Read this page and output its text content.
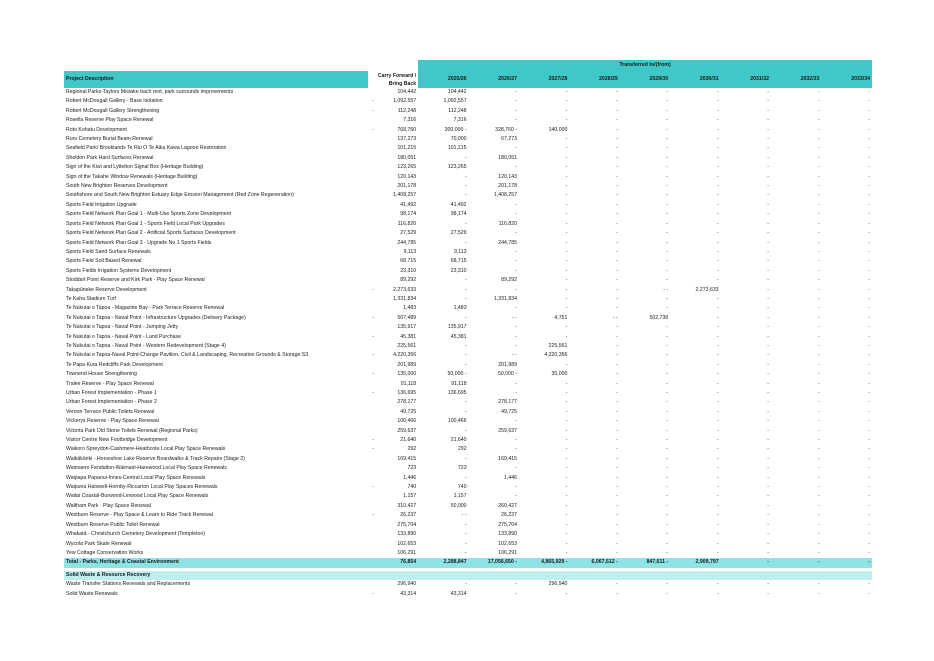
		Transferred to/(from)								
Project Description	Carry Forward / Bring Back	2025/26	2026/27	2027/28	2028/29	2029/30	2030/31	2031/32	2032/33	2033/34
Regional Parks-Taylors Mistake bach rent, park surrounds improvements	104,442	104,442	-	-	-	-	-	-	-	-
Robert McDougall Gallery - Base Isolation	- 1,092,557	1,092,557	-	-	-	-	-	-	-	-
Robert McDougall Gallery Strengthening	- 112,248	112,248	-	-	-	-	-	-	-	-
Rosella Reserve Play Space Renewal	7,316	7,316	-	-	-	-	-	-	-	-
Roto Kohatu Development	- 768,760	300,000 -	328,760 -	140,000	-	-	-	-	-	-
Ruru Cemetery Burial Beam Renewal	137,273	70,000	67,273	-	-	-	-	-	-	-
Seafield Park/ Brooklands Te Riu O Te Aika Kawa Lagoon Restoration	101,215	101,215	-	-	-	-	-	-	-	-
Sheldon Park Hard Surfaces Renewal	180,051	-	180,051	-	-	-	-	-	-	-
Sign of the Kiwi and Lyttelton Signal Box (Heritage Building)	123,265	123,265	-	-	-	-	-	-	-	-
Sign of the Takahe Window Renewals (Heritage Building)	120,143	-	120,143	-	-	-	-	-	-	-
South New Brighton Reserves Development	201,178	-	201,178	-	-	-	-	-	-	-
Southshore and South New Brighton Estuary Edge Erosion Management (Red Zone Regeneration)	1,408,257	-	1,408,257	-	-	-	-	-	-	-
Sports Field Irrigation Upgrade	41,492	41,492	-	-	-	-	-	-	-	-
Sports Field Network Plan Goal 1 - Multi-Use Sports Zone Development	98,174	98,174	-	-	-	-	-	-	-	-
Sports Field Network Plan Goal 1 - Sports Field Local Park Upgrades	116,820	-	116,820	-	-	-	-	-	-	-
Sports Field Network Plan Goal 2 - Artificial Sports Surfaces Development	27,529	27,529	-	-	-	-	-	-	-	-
Sports Field Network Plan Goal 3 - Upgrade No 1 Sports Fields	244,785	-	244,785	-	-	-	-	-	-	-
Sports Field Sand Surface Renewals	9,113	9,113	-	-	-	-	-	-	-	-
Sports Field Soil Based Renewal	68,715	68,715	-	-	-	-	-	-	-	-
Sports Fields Irrigation Systems Development	23,310	23,310	-	-	-	-	-	-	-	-
Stoddart Point Reserve and Kirk Park - Play Space Renewal	89,292	-	89,292	-	-	-	-	-	-	-
Takapūneke Reserve Development	- 2,273,633	-	-	-	-	- -	2,273,633	-	-	-
Te Kaha Stadium Turf	1,331,834	-	1,331,834	-	-	-	-	-	-	-
Te Nukutai o Tapoa - Magazine Bay - Park Terrace Reserve Renewal	1,483	1,483	-	-	-	-	-	-	-	-
Te Nukutai o Tapoa - Naval Point - Infrastructure Upgrades (Delivery Package)	- 507,489	-	- -	4,751	- -	502,738	-	-	-	-
Te Nukutai o Tapoa - Naval Point - Jumping Jetty	135,917	135,917	-	-	-	-	-	-	-	-
Te Nukutai o Tapoa - Naval Point - Land Purchase	- 45,381	45,381	-	-	-	-	-	-	-	-
Te Nukutai o Tapoa - Naval Point - Western Redevelopment (Stage 4)	225,561	-	-	225,561	-	-	-	-	-	-
Te Nukutai o Tapoa-Naval Point-Change Pavilion, Civil & Landscaping, Recreation Grounds & Storage S3	- 4,220,356	-	- -	4,220,356	-	-	-	-	-	-
Te Papa Kura Redcliffs Park Development	201,989	-	201,989	-	-	-	-	-	-	-
Townend House Strengthening	- 135,000	50,000 -	50,000 -	35,000	-	-	-	-	-	-
Tralee Reserve - Play Space Renewal	91,118	91,118	-	-	-	-	-	-	-	-
Urban Forest Implementation - Phase 1	- 136,695	136,695	-	-	-	-	-	-	-	-
Urban Forest Implementation - Phase 2	278,177	-	278,177	-	-	-	-	-	-	-
Vernon Terrace Public Toilets Renewal	49,725	-	49,725	-	-	-	-	-	-	-
Vickerys Reserve - Play Space Renewal	100,466	100,466	-	-	-	-	-	-	-	-
Victoria Park Old Stone Toilets Renewal (Regional Parks)	259,637	-	259,637	-	-	-	-	-	-	-
Visitor Centre New Footbridge Development	- 21,640	21,640	-	-	-	-	-	-	-	-
Waikoro Spreydon-Cashmere-Heathcote Local Play Space Renewals	- 292	292	-	-	-	-	-	-	-	-
Waikākāriki - Horseshoe Lake Reserve Boardwalks & Track Repairs (Stage 2)	169,415	-	169,415	-	-	-	-	-	-	-
Waimaero Fendalton-Waimairi-Harewood Local Play Space Renewals	723	723	-	-	-	-	-	-	-	-
Waipapa Papanui-Innes-Central Local Play Space Renewals	1,446	-	1,446	-	-	-	-	-	-	-
Waipuna Halswell-Hornby-Riccarton Local Play Spaces Renewals	- 740	740	-	-	-	-	-	-	-	-
Waitai Coastal-Burwood-Linwood Local Play Space Renewals	1,157	1,157	-	-	-	-	-	-	-	-
Waltham Park - Play Space Renewal	310,427	50,000	260,427	-	-	-	-	-	-	-
Westburn Reserve - Play Space & Learn to Ride Track Renewal	- 26,237	- -	26,237	-	-	-	-	-	-	-
Westburn Reserve Public Toilet Renewal	275,704	-	275,704	-	-	-	-	-	-	-
Whakatā - Christchurch Cemetery Development (Templeton)	133,890	-	133,890	-	-	-	-	-	-	-
Wycola Park Skate Renewal	102,653	-	102,653	-	-	-	-	-	-	-
Yew Cottage Conservation Works	106,291	-	106,291	-	-	-	-	-	-	-
Total - Parks, Heritage & Coastal Environment	76,854	2,288,847	17,056,650 -	4,865,929 -	6,067,612 -	847,611 -	2,909,797	-	-	-

Solid Waste & Resource Recovery										
Waste Transfer Stations Renewals and Replacements	296,940	-	-	296,940	-	-	-	-	-	-
Solid Waste Renewals	- 43,314	43,314	-	-	-	-	-	-	-	-
